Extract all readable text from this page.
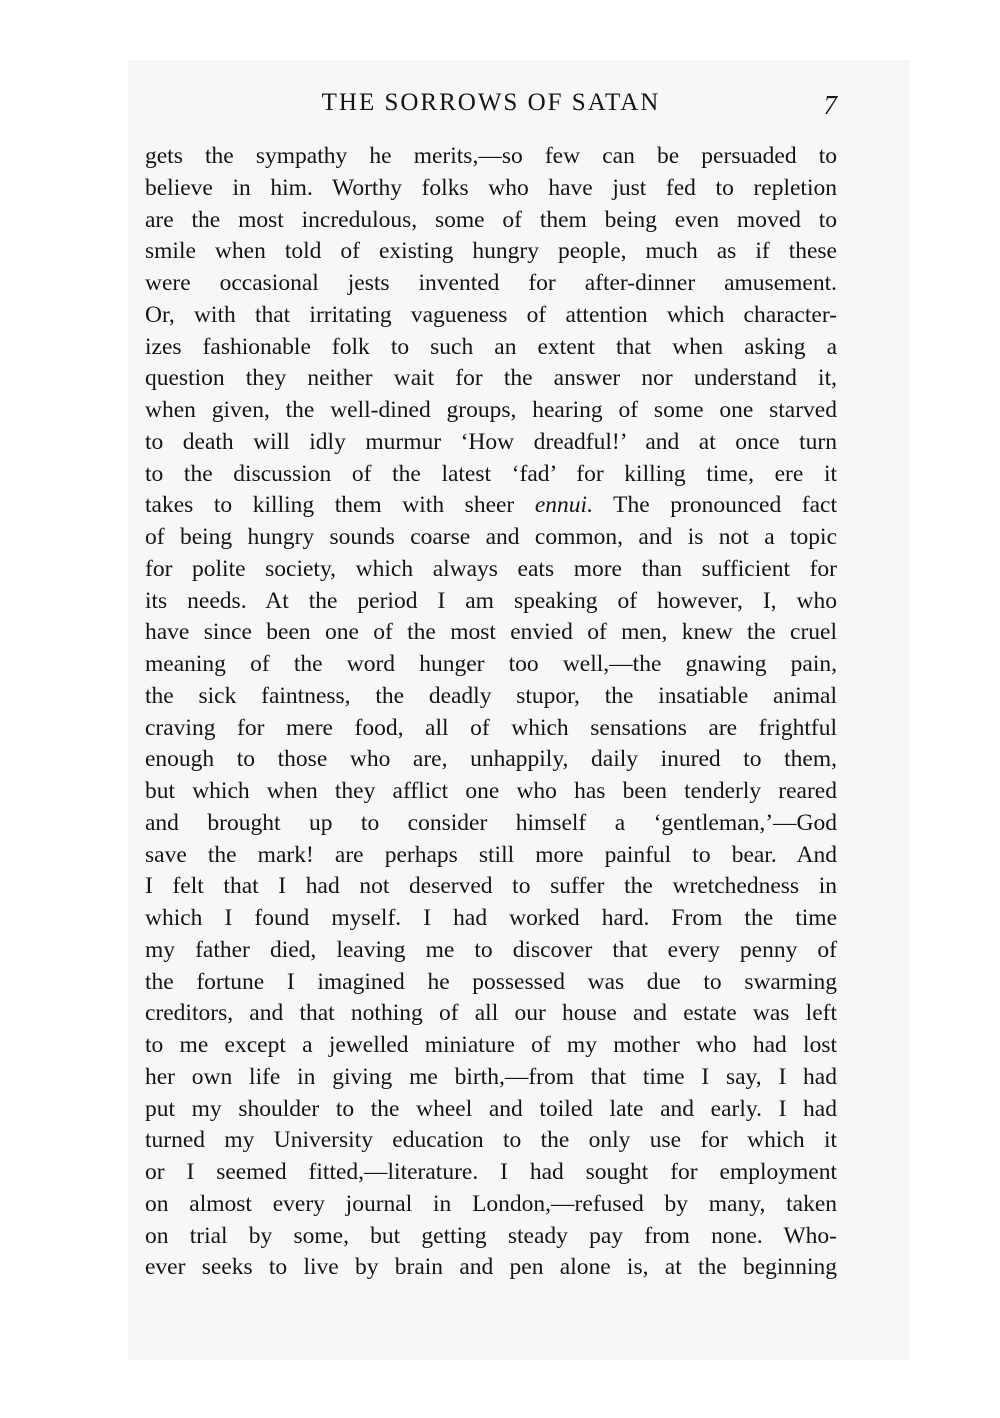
THE SORROWS OF SATAN	7
gets the sympathy he merits,—so few can be persuaded to
believe in him. Worthy folks who have just fed to repletion
are the most incredulous, some of them being even moved to
smile when told of existing hungry people, much as if these
were occasional jests invented for after-dinner amusement.
Or, with that irritating vagueness of attention which character-
izes fashionable folk to such an extent that when asking a
question they neither wait for the answer nor understand it,
when given, the well-dined groups, hearing of some one starved
to death will idly murmur ‘How dreadful!’ and at once turn
to the discussion of the latest ‘fad’ for killing time, ere it
takes to killing them with sheer ennui. The pronounced fact
of being hungry sounds coarse and common, and is not a topic
for polite society, which always eats more than sufficient for
its needs. At the period I am speaking of however, I, who
have since been one of the most envied of men, knew the cruel
meaning of the word hunger too well,—the gnawing pain,
the sick faintness, the deadly stupor, the insatiable animal
craving for mere food, all of which sensations are frightful
enough to those who are, unhappily, daily inured to them,
but which when they afflict one who has been tenderly reared
and brought up to consider himself a ‘gentleman,’—God
save the mark! are perhaps still more painful to bear. And
I felt that I had not deserved to suffer the wretchedness in
which I found myself. I had worked hard. From the time
my father died, leaving me to discover that every penny of
the fortune I imagined he possessed was due to swarming
creditors, and that nothing of all our house and estate was left
to me except a jewelled miniature of my mother who had lost
her own life in giving me birth,—from that time I say, I had
put my shoulder to the wheel and toiled late and early. I had
turned my University education to the only use for which it
or I seemed fitted,—literature. I had sought for employment
on almost every journal in London,—refused by many, taken
on trial by some, but getting steady pay from none. Who-
ever seeks to live by brain and pen alone is, at the beginning
